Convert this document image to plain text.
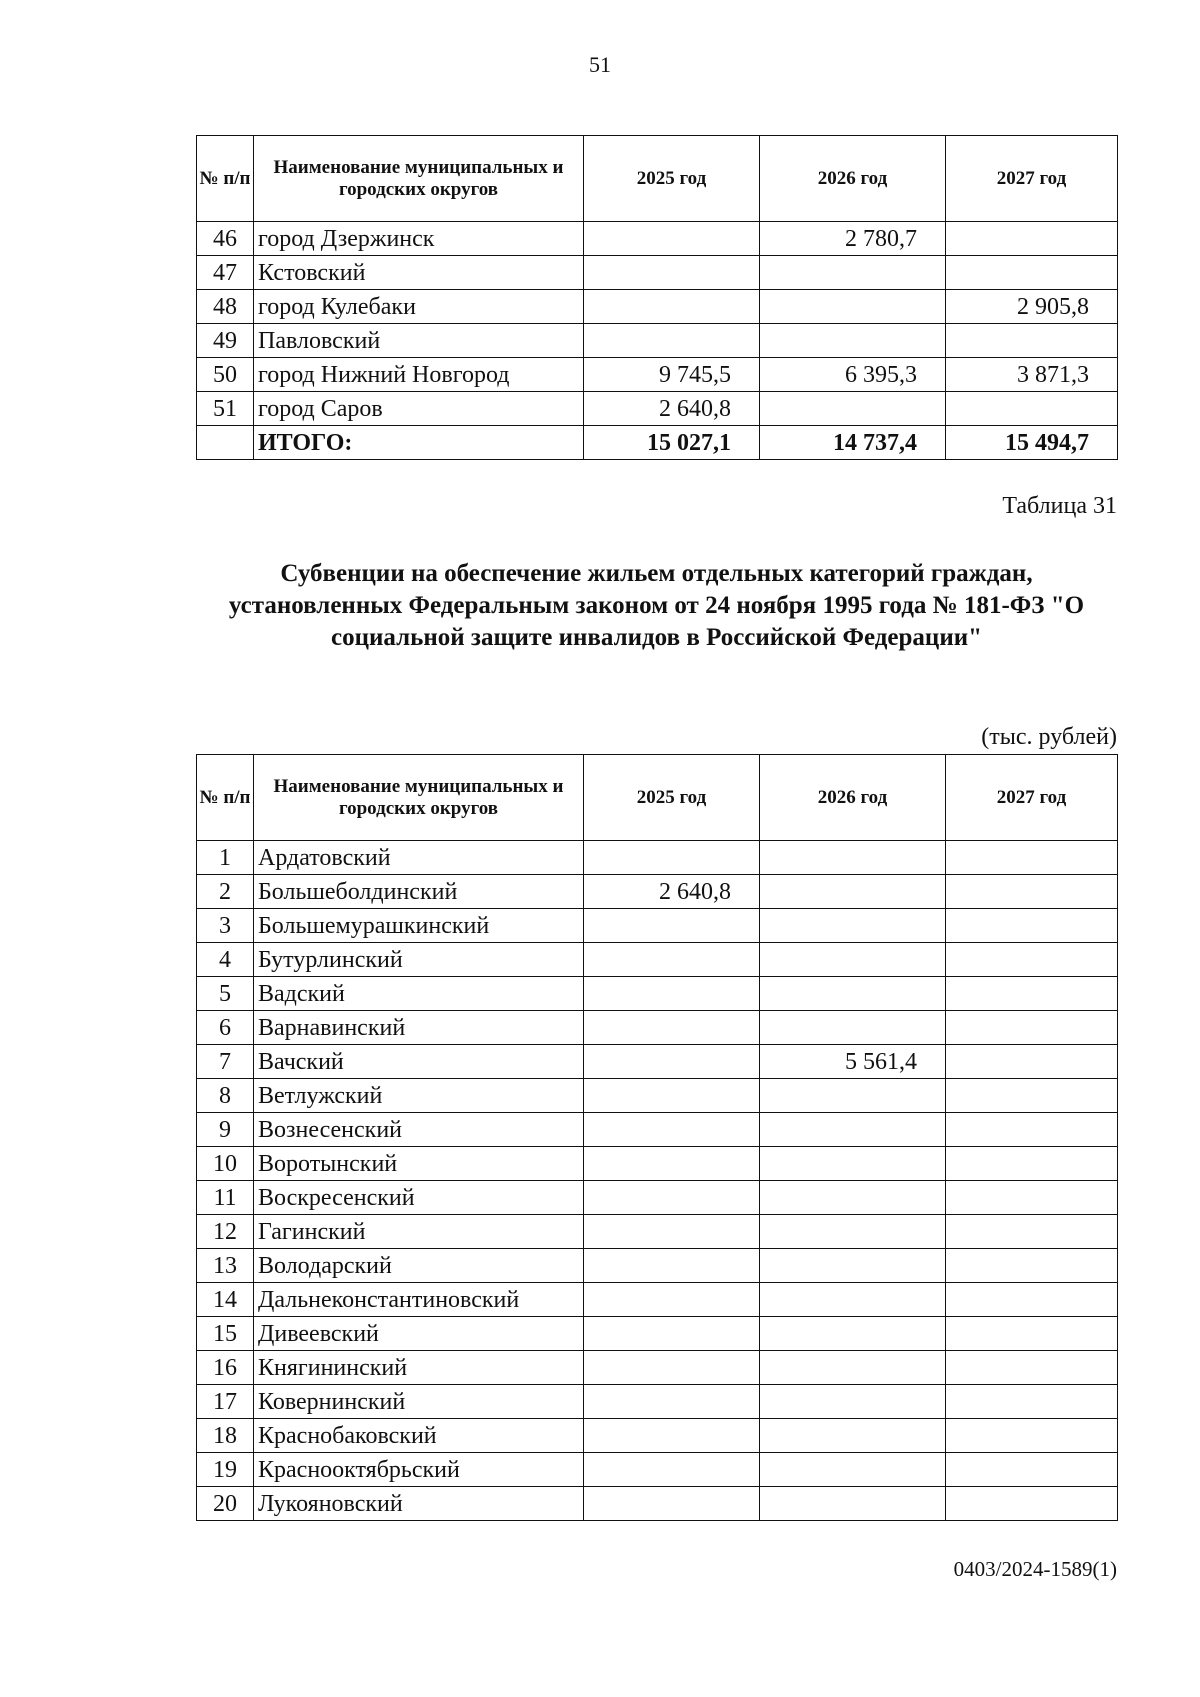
51
№ п/п	Наименование муниципальных и городских округов	2025 год	2026 год	2027 год
46	город Дзержинск		2 780,7	
47	Кстовский			
48	город Кулебаки			2 905,8
49	Павловский			
50	город Нижний Новгород	9 745,5	6 395,3	3 871,3
51	город Саров	2 640,8		
	ИТОГО:	15 027,1	14 737,4	15 494,7
Таблица 31
Субвенции на обеспечение жильем отдельных категорий граждан, установленных Федеральным законом от 24 ноября 1995 года № 181-ФЗ "О социальной защите инвалидов в Российской Федерации"
(тыс. рублей)
№ п/п	Наименование муниципальных и городских округов	2025 год	2026 год	2027 год
1	Ардатовский			
2	Большеболдинский	2 640,8		
3	Большемурашкинский			
4	Бутурлинский			
5	Вадский			
6	Варнавинский			
7	Вачский		5 561,4	
8	Ветлужский			
9	Вознесенский			
10	Воротынский			
11	Воскресенский			
12	Гагинский			
13	Володарский			
14	Дальнеконстантиновский			
15	Дивеевский			
16	Княгининский			
17	Ковернинский			
18	Краснобаковский			
19	Краснооктябрьский			
20	Лукояновский			
0403/2024-1589(1)
